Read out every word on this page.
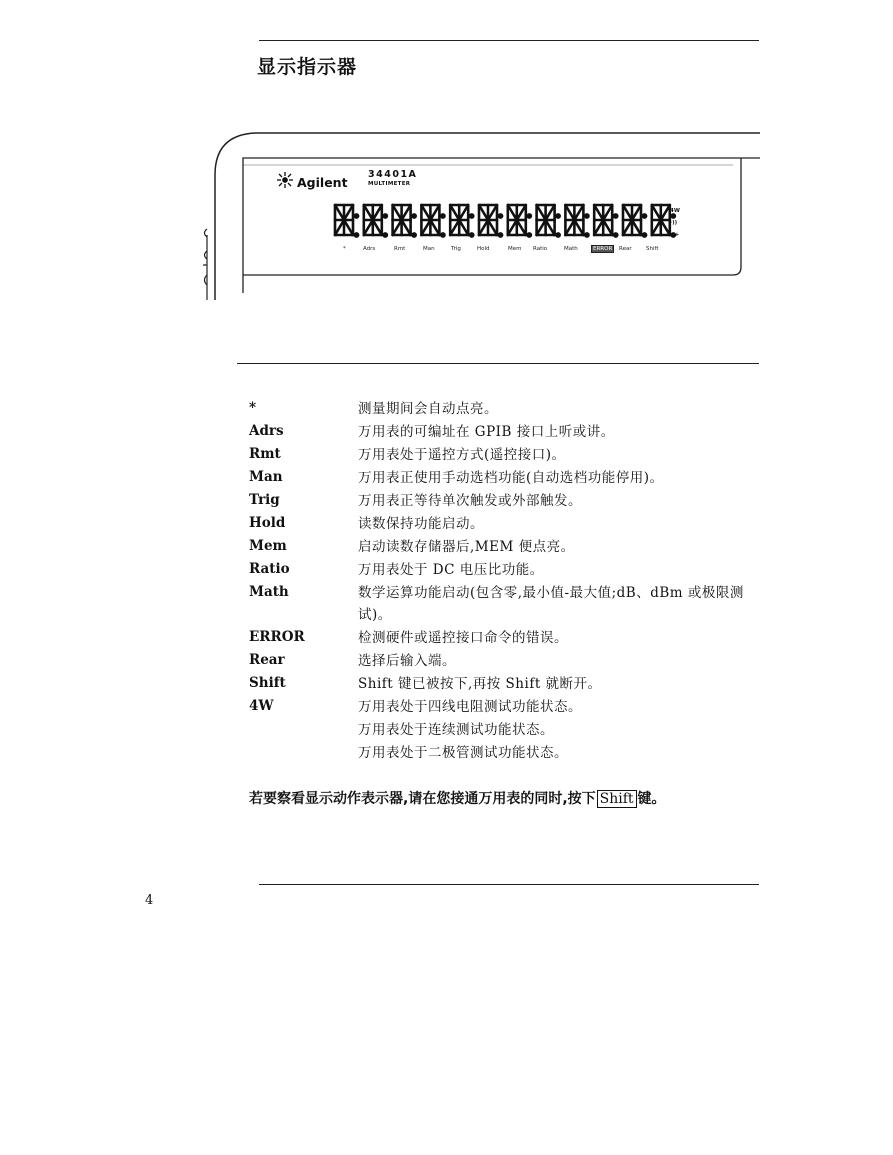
显示指示器
Agilent
34401A
MULTIMETER
*	Adrs	Rmt	Man	Trig	Hold	Mem Ratio	Math	ERROR	Rear	Shift
4W
·))
→+
*	测量期间会自动点亮。
Adrs	万用表的可编址在 GPIB 接口上听或讲。
Rmt	万用表处于遥控方式(遥控接口)。
Man	万用表正使用手动选档功能(自动选档功能停用)。
Trig	万用表正等待单次触发或外部触发。
Hold	读数保持功能启动。
Mem	启动读数存储器后,MEM 便点亮。
Ratio	万用表处于 DC 电压比功能。
Math	数学运算功能启动(包含零,最小值-最大值;dB、dBm 或极限测试)。
ERROR	检测硬件或遥控接口命令的错误。
Rear	选择后输入端。
Shift	Shift 键已被按下,再按 Shift 就断开。
4W	万用表处于四线电阻测试功能状态。
万用表处于连续测试功能状态。
万用表处于二极管测试功能状态。
若要察看显示动作表示器,请在您接通万用表的同时,按下 Shift 键。
4
